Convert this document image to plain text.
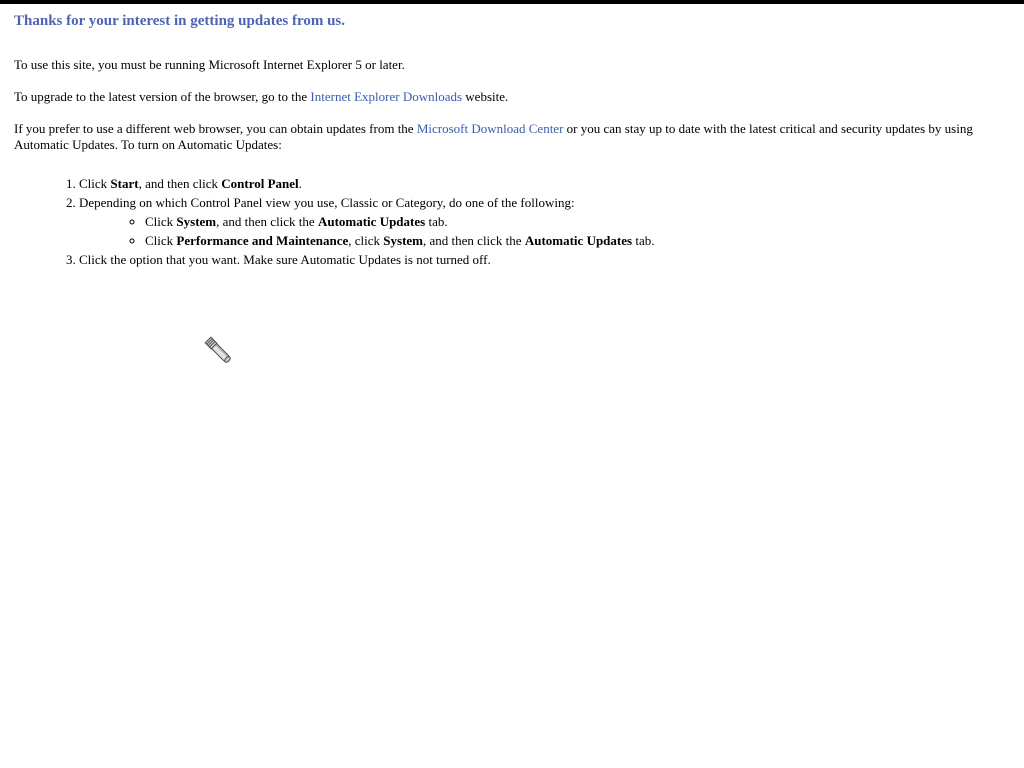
Thanks for your interest in getting updates from us.

To use this site, you must be running Microsoft Internet Explorer 5 or later.

To upgrade to the latest version of the browser, go to the Internet Explorer Downloads website.

If you prefer to use a different web browser, you can obtain updates from the Microsoft Download Center or you can stay up to date with the latest critical and security updates by using Automatic Updates. To turn on Automatic Updates:

1. Click Start, and then click Control Panel.
2. Depending on which Control Panel view you use, Classic or Category, do one of the following:
◦ Click System, and then click the Automatic Updates tab.
◦ Click Performance and Maintenance, click System, and then click the Automatic Updates tab.
3. Click the option that you want. Make sure Automatic Updates is not turned off.
